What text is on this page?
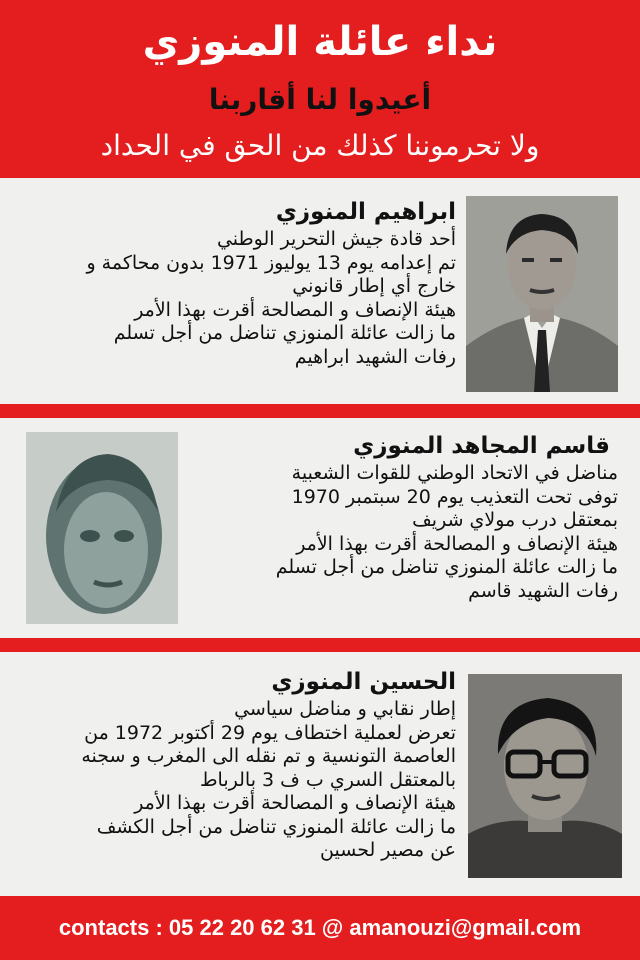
نداء عائلة المنوزي
أعيدوا لنا أقاربنا
ولا تحرموننا كذلك من الحق في الحداد
ابراهيم المنوزي
أحد قادة جيش التحرير الوطني
تم إعدامه يوم 13 يوليوز 1971 بدون محاكمة و
خارج أي إطار قانوني
هيئة الإنصاف و المصالحة أقرت بهذا الأمر
ما زالت عائلة المنوزي تناضل من أجل تسلم
رفات الشهيد ابراهيم
قاسم المجاهد المنوزي
مناضل في الاتحاد الوطني للقوات الشعبية
توفى تحت التعذيب يوم 20 سبتمبر 1970
بمعتقل درب مولاي شريف
هيئة الإنصاف و المصالحة أقرت بهذا الأمر
ما زالت عائلة المنوزي تناضل من أجل تسلم
رفات الشهيد قاسم
الحسين المنوزي
إطار نقابي و مناضل سياسي
تعرض لعملية اختطاف يوم 29 أكتوبر 1972 من
العاصمة التونسية و تم نقله الى المغرب و سجنه
بالمعتقل السري ب ف 3 بالرباط
هيئة الإنصاف و المصالحة أقرت بهذا الأمر
ما زالت عائلة المنوزي تناضل من أجل الكشف
عن مصير لحسين
contacts : 05 22 20 62 31 @ amanouzi@gmail.com
